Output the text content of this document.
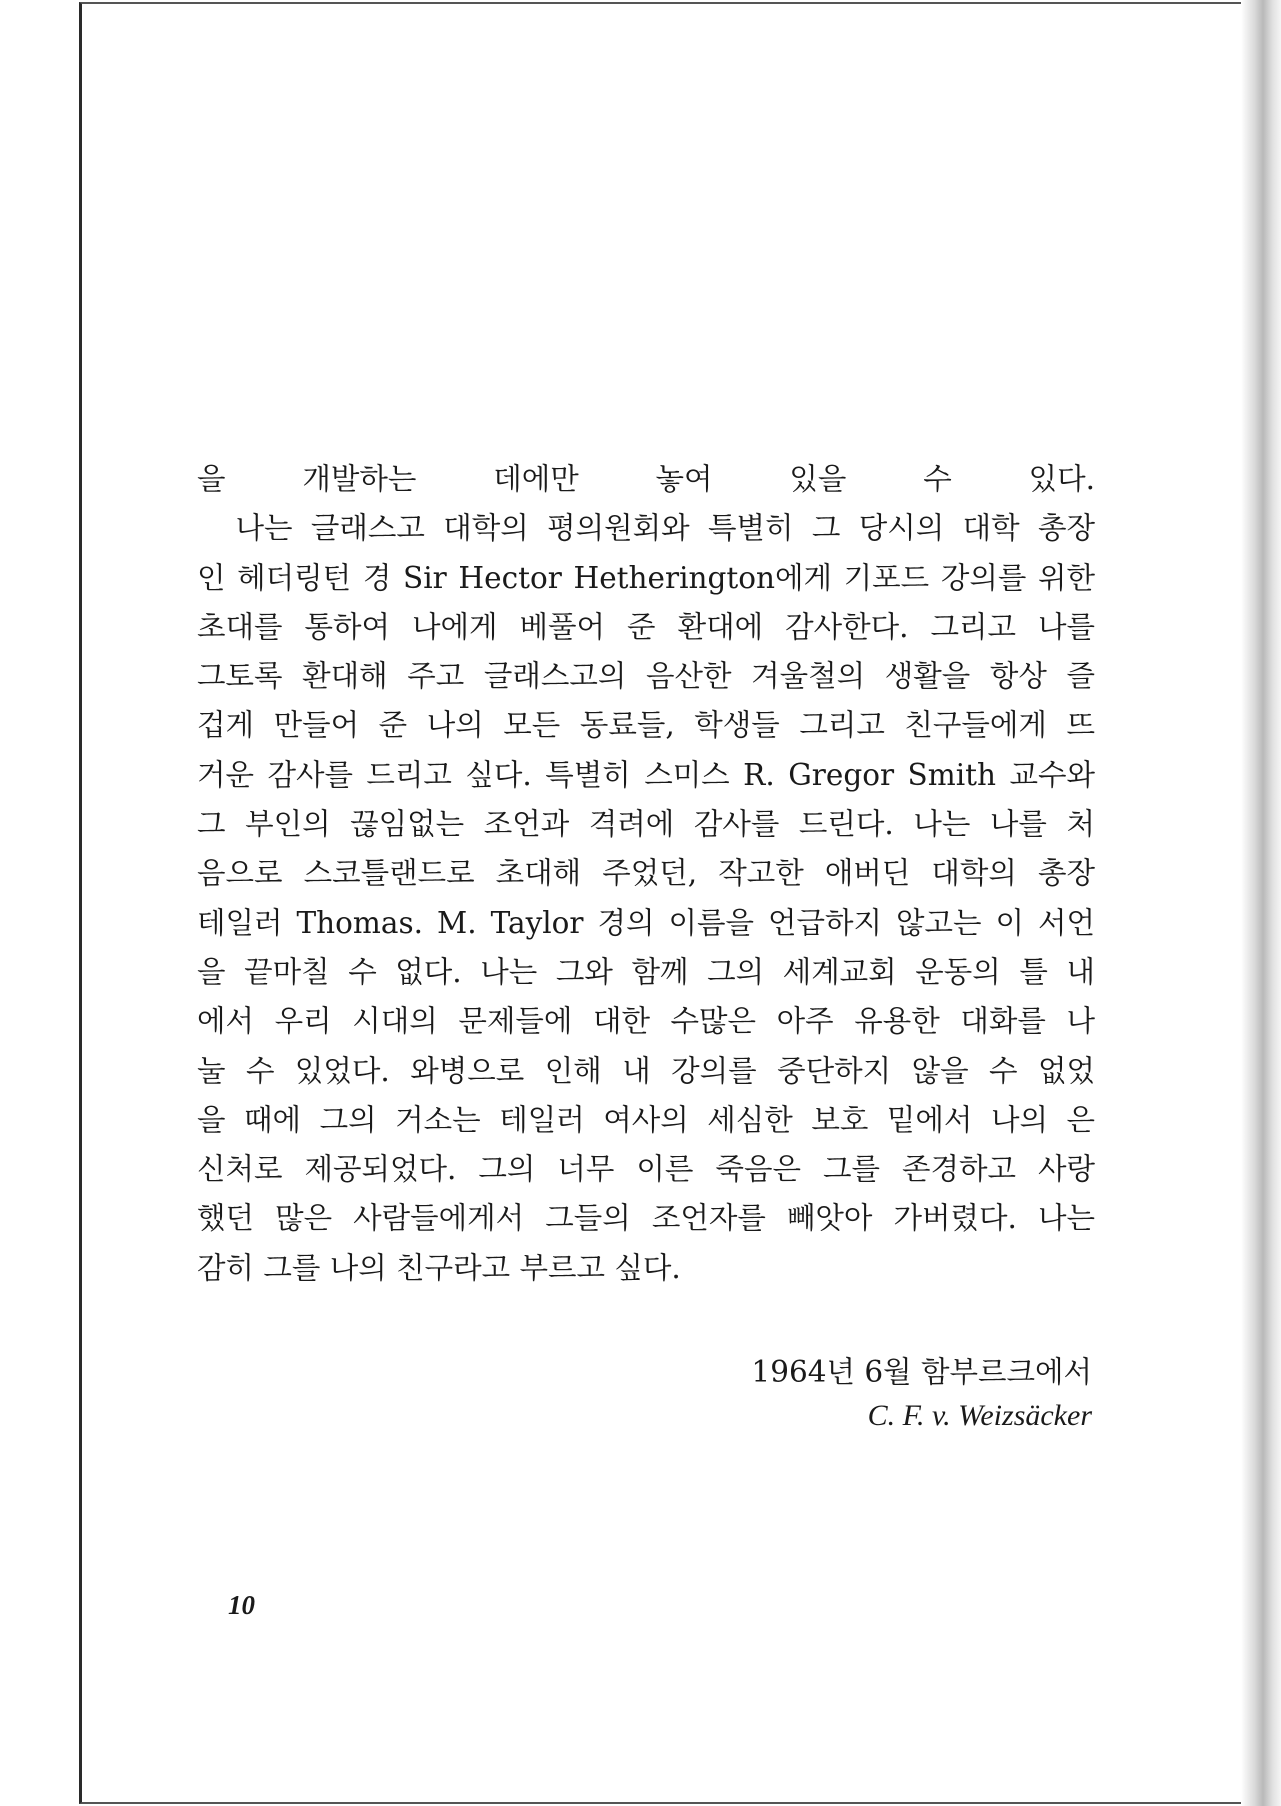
을 개발하는 데에만 놓여 있을 수 있다.
　나는 글래스고 대학의 평의원회와 특별히 그 당시의 대학 총장
인 헤더링턴 경 Sir Hector Hetherington에게 기포드 강의를 위한
초대를 통하여 나에게 베풀어 준 환대에 감사한다. 그리고 나를
그토록 환대해 주고 글래스고의 음산한 겨울철의 생활을 항상 즐
겁게 만들어 준 나의 모든 동료들, 학생들 그리고 친구들에게 뜨
거운 감사를 드리고 싶다. 특별히 스미스 R. Gregor Smith 교수와
그 부인의 끊임없는 조언과 격려에 감사를 드린다. 나는 나를 처
음으로 스코틀랜드로 초대해 주었던, 작고한 애버딘 대학의 총장
테일러 Thomas. M. Taylor 경의 이름을 언급하지 않고는 이 서언
을 끝마칠 수 없다. 나는 그와 함께 그의 세계교회 운동의 틀 내
에서 우리 시대의 문제들에 대한 수많은 아주 유용한 대화를 나
눌 수 있었다. 와병으로 인해 내 강의를 중단하지 않을 수 없었
을 때에 그의 거소는 테일러 여사의 세심한 보호 밑에서 나의 은
신처로 제공되었다. 그의 너무 이른 죽음은 그를 존경하고 사랑
했던 많은 사람들에게서 그들의 조언자를 빼앗아 가버렸다. 나는
감히 그를 나의 친구라고 부르고 싶다.
1964년 6월 함부르크에서
C. F. v. Weizsäcker
10
